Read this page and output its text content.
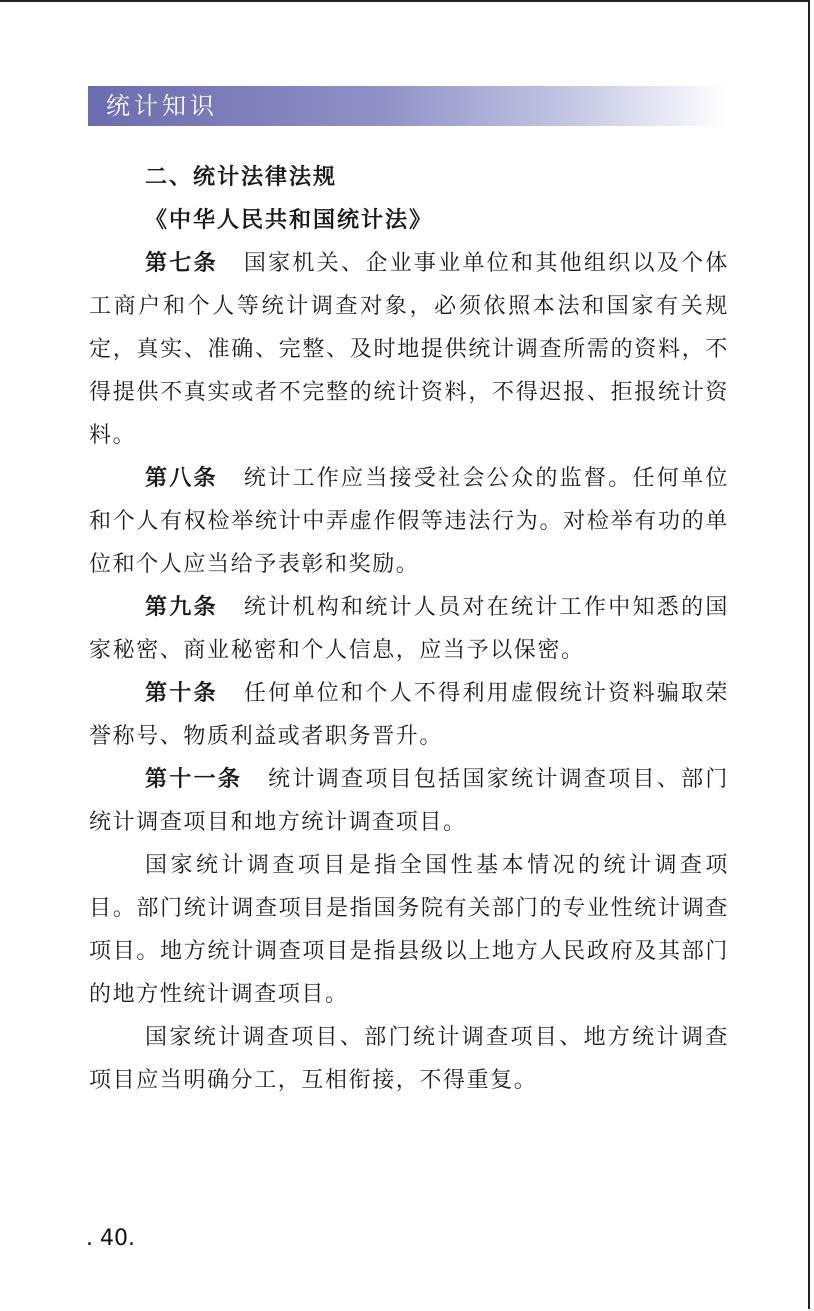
统计知识
二、统计法律法规
《中华人民共和国统计法》

第七条 国家机关、企业事业单位和其他组织以及个体工商户和个人等统计调查对象，必须依照本法和国家有关规定，真实、准确、完整、及时地提供统计调查所需的资料，不得提供不真实或者不完整的统计资料，不得迟报、拒报统计资料。

第八条 统计工作应当接受社会公众的监督。任何单位和个人有权检举统计中弄虚作假等违法行为。对检举有功的单位和个人应当给予表彰和奖励。

第九条 统计机构和统计人员对在统计工作中知悉的国家秘密、商业秘密和个人信息，应当予以保密。

第十条 任何单位和个人不得利用虚假统计资料骗取荣誉称号、物质利益或者职务晋升。

第十一条 统计调查项目包括国家统计调查项目、部门统计调查项目和地方统计调查项目。

国家统计调查项目是指全国性基本情况的统计调查项目。部门统计调查项目是指国务院有关部门的专业性统计调查项目。地方统计调查项目是指县级以上地方人民政府及其部门的地方性统计调查项目。

国家统计调查项目、部门统计调查项目、地方统计调查项目应当明确分工，互相衔接，不得重复。

. 40.
